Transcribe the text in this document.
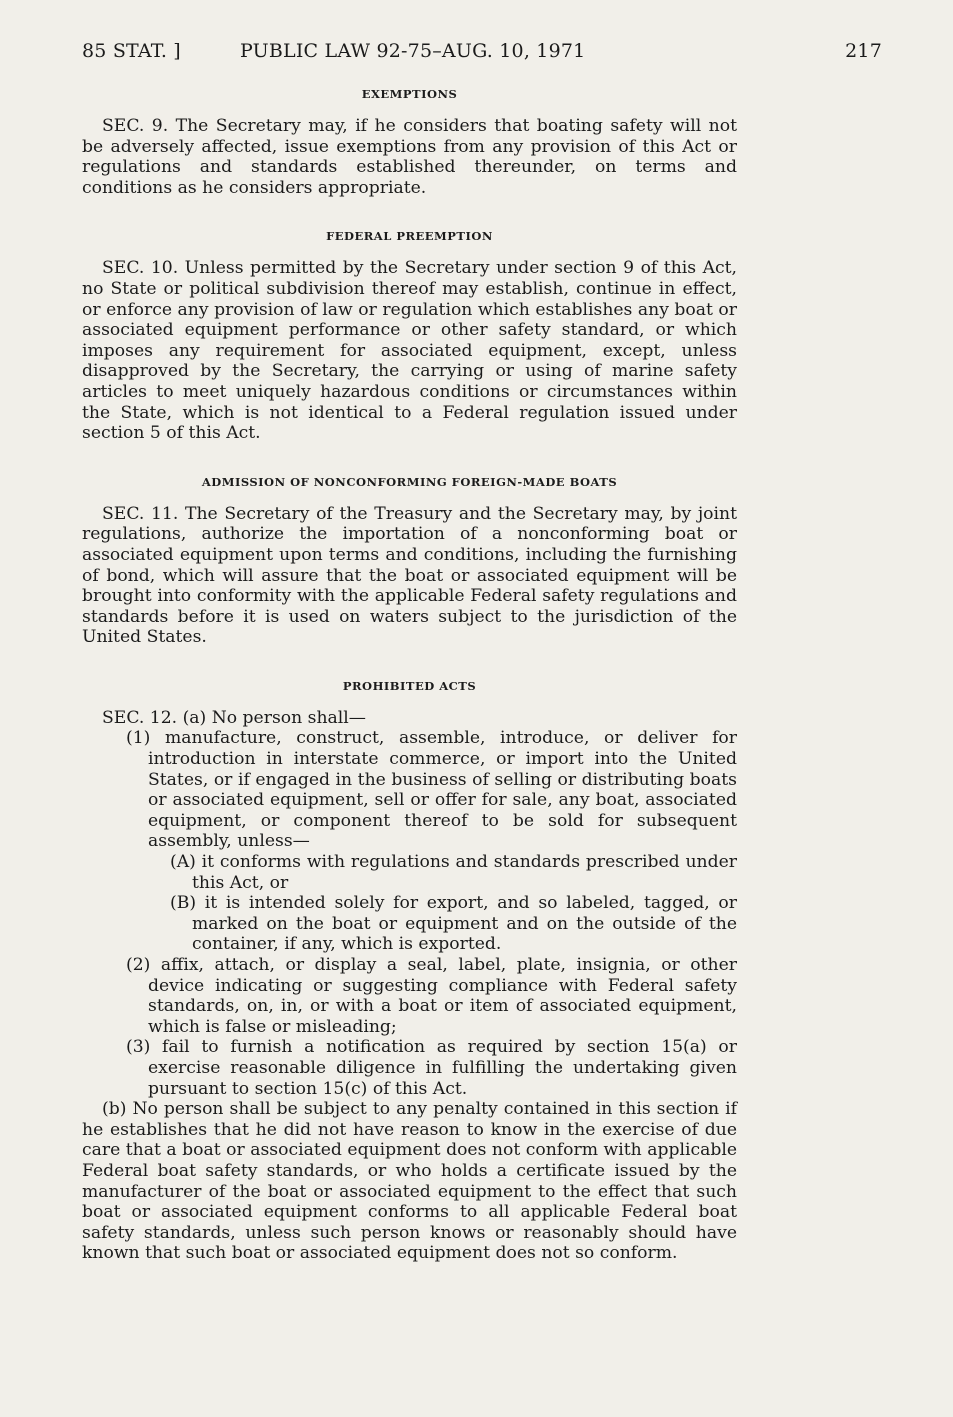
85 STAT. ]	PUBLIC LAW 92-75–AUG. 10, 1971	217
EXEMPTIONS

SEC. 9. The Secretary may, if he considers that boating safety will not be adversely affected, issue exemptions from any provision of this Act or regulations and standards established thereunder, on terms and conditions as he considers appropriate.

FEDERAL PREEMPTION

SEC. 10. Unless permitted by the Secretary under section 9 of this Act, no State or political subdivision thereof may establish, continue in effect, or enforce any provision of law or regulation which establishes any boat or associated equipment performance or other safety standard, or which imposes any requirement for associated equipment, except, unless disapproved by the Secretary, the carrying or using of marine safety articles to meet uniquely hazardous conditions or circumstances within the State, which is not identical to a Federal regulation issued under section 5 of this Act.

ADMISSION OF NONCONFORMING FOREIGN-MADE BOATS

SEC. 11. The Secretary of the Treasury and the Secretary may, by joint regulations, authorize the importation of a nonconforming boat or associated equipment upon terms and conditions, including the furnishing of bond, which will assure that the boat or associated equipment will be brought into conformity with the applicable Federal safety regulations and standards before it is used on waters subject to the jurisdiction of the United States.

PROHIBITED ACTS

SEC. 12. (a) No person shall—

(1) manufacture, construct, assemble, introduce, or deliver for introduction in interstate commerce, or import into the United States, or if engaged in the business of selling or distributing boats or associated equipment, sell or offer for sale, any boat, associated equipment, or component thereof to be sold for subsequent assembly, unless—

(A) it conforms with regulations and standards prescribed under this Act, or

(B) it is intended solely for export, and so labeled, tagged, or marked on the boat or equipment and on the outside of the container, if any, which is exported.

(2) affix, attach, or display a seal, label, plate, insignia, or other device indicating or suggesting compliance with Federal safety standards, on, in, or with a boat or item of associated equipment, which is false or misleading;

(3) fail to furnish a notification as required by section 15(a) or exercise reasonable diligence in fulfilling the undertaking given pursuant to section 15(c) of this Act.

(b) No person shall be subject to any penalty contained in this section if he establishes that he did not have reason to know in the exercise of due care that a boat or associated equipment does not conform with applicable Federal boat safety standards, or who holds a certificate issued by the manufacturer of the boat or associated equipment to the effect that such boat or associated equipment conforms to all applicable Federal boat safety standards, unless such person knows or reasonably should have known that such boat or associated equipment does not so conform.
